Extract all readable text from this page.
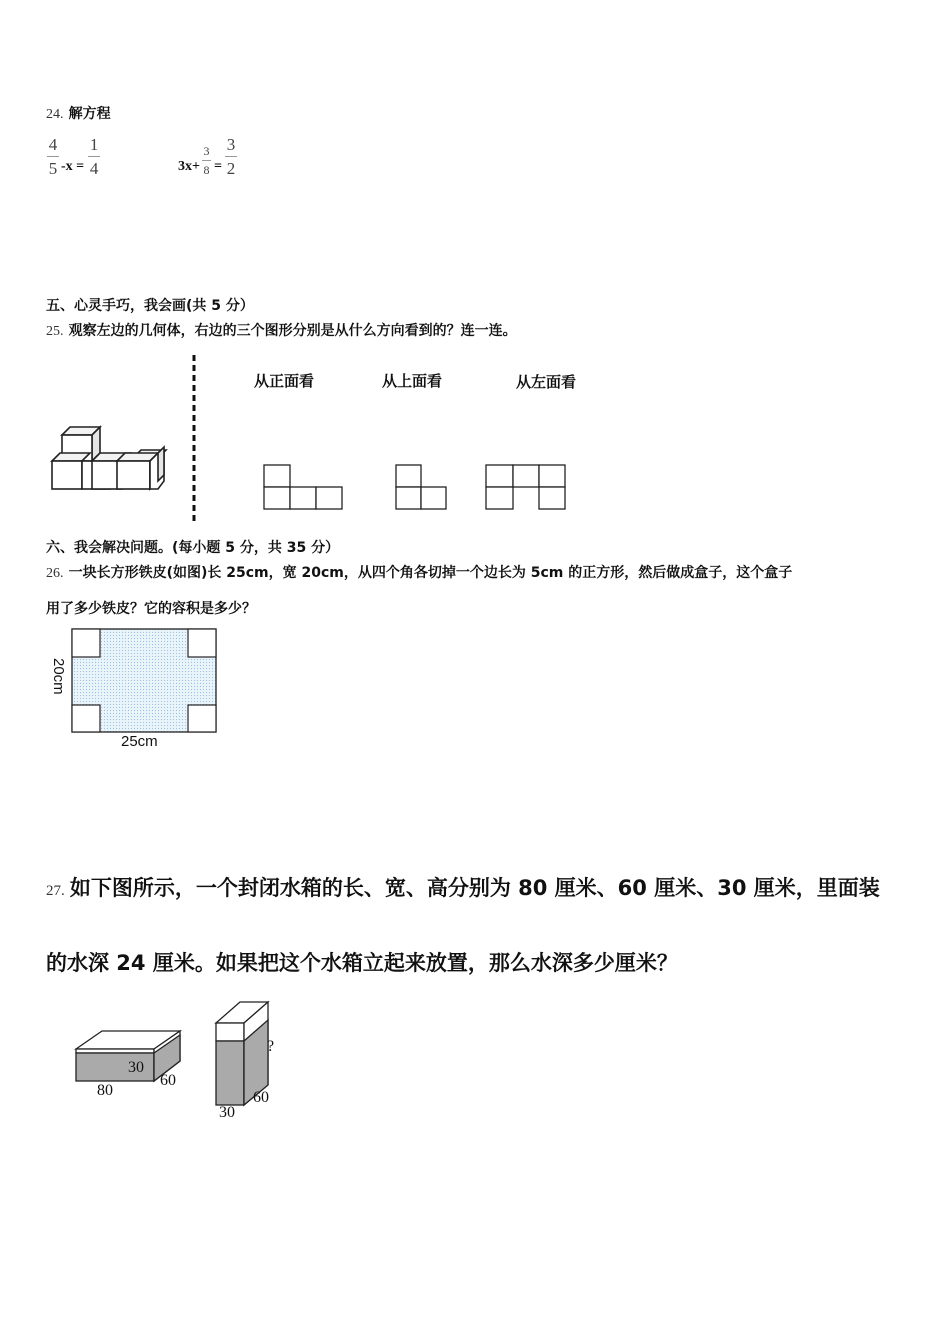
24. 解方程
$\frac{4}{5} -x = \frac{1}{4}$	$3x+ \frac{3}{8} = \frac{3}{2}$
五、心灵手巧，我会画(共 5 分）
25. 观察左边的几何体，右边的三个图形分别是从什么方向看到的？连一连。
从正面看	从上面看	从左面看
六、我会解决问题。(每小题 5 分，共 35 分）
26. 一块长方形铁皮(如图)长 25cm，宽 20cm，从四个角各切掉一个边长为 5cm 的正方形，然后做成盒子，这个盒子
用了多少铁皮？它的容积是多少？
20cm
25cm
27. 如下图所示，一个封闭水箱的长、宽、高分别为 80 厘米、60 厘米、30 厘米，里面装
的水深 24 厘米。如果把这个水箱立起来放置，那么水深多少厘米？
30
60
80
?
60
30
